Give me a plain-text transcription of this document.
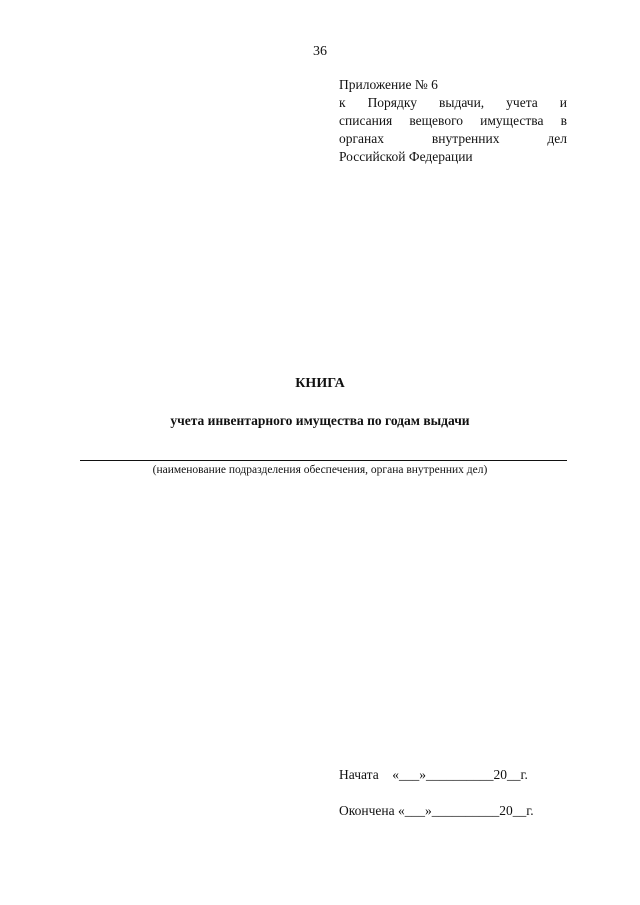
36
Приложение № 6
к Порядку выдачи, учета и
списания вещевого имущества в
органах внутренних дел
Российской Федерации
КНИГА
учета инвентарного имущества по годам выдачи
(наименование подразделения обеспечения, органа внутренних дел)
Начата    «___»__________20__г.
Окончена «___»__________20__г.
